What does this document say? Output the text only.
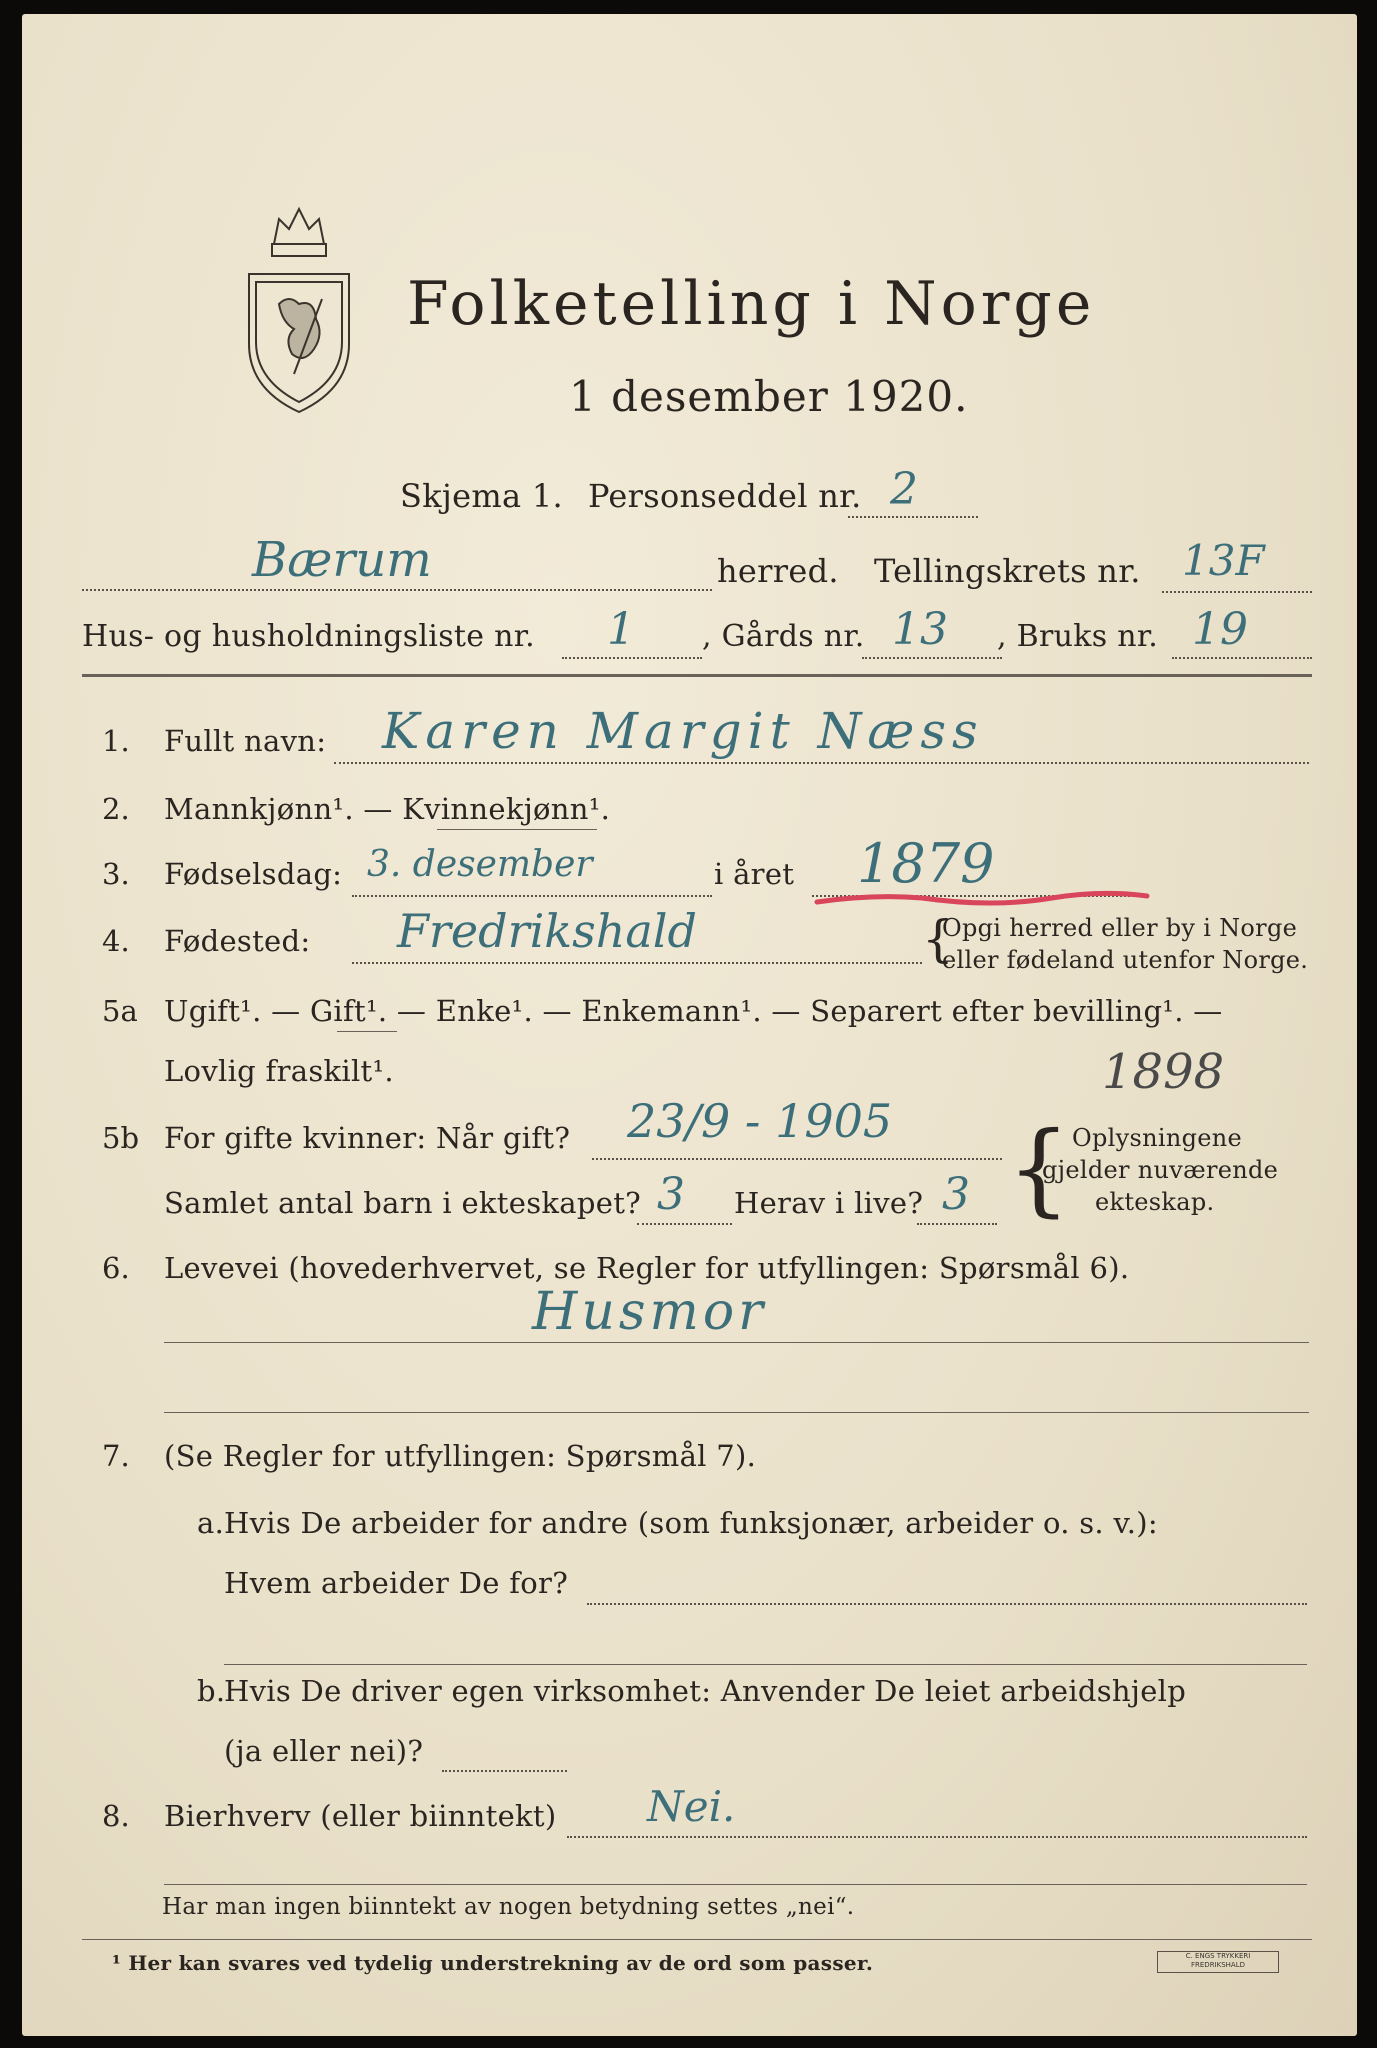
Folketelling i Norge
1 desember 1920.
Skjema 1. Personseddel nr. 2
Bærum	herred. Tellingskrets nr. 13F
Hus- og husholdningsliste nr. 1 , Gårds nr. 13 , Bruks nr. 19
1. Fullt navn: Karen Margit Næss
2. Mannkjønn¹. — Kvinnekjønn¹.
3. Fødselsdag: 3. desember	i året 1879
4. Fødested: Fredrikshald	{
Opgi herred eller by i Norge
eller fødeland utenfor Norge.
5a Ugift¹. — Gift¹. — Enke¹. — Enkemann¹. — Separert efter bevilling¹. —
Lovlig fraskilt¹.	1898
5b For gifte kvinner: Når gift? 23/9 - 1905
Samlet antal barn i ekteskapet? 3 Herav i live? 3 { Oplysningene
gjelder nuværende
ekteskap.
6. Levevei (hovederhvervet, se Regler for utfyllingen: Spørsmål 6).
Husmor
7. (Se Regler for utfyllingen: Spørsmål 7).
a. Hvis De arbeider for andre (som funksjonær, arbeider o. s. v.):
Hvem arbeider De for?
b.
Hvis De driver egen virksomhet: Anvender De leiet arbeidshjelp
(ja eller nei)?
8. Bierhverv (eller biinntekt) Nei.
Har man ingen biinntekt av nogen betydning settes „nei“.
¹ Her kan svares ved tydelig understrekning av de ord som passer.	C. ENGS TRYKKERI FREDRIKSHALD
